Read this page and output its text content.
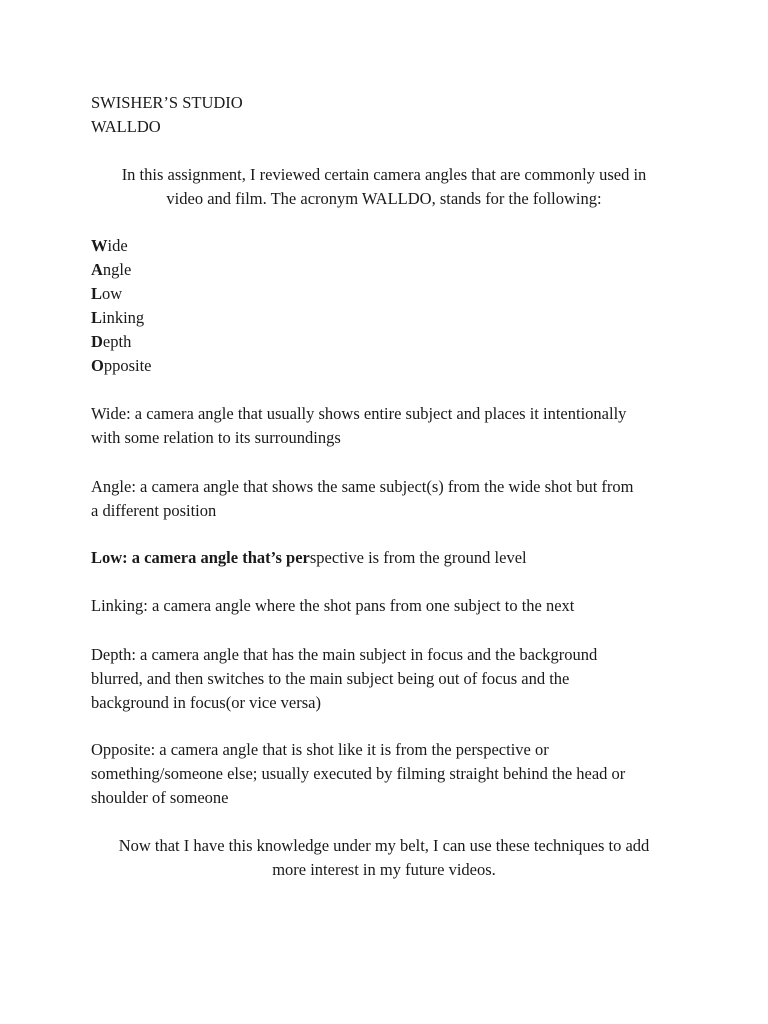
SWISHER’S STUDIO
WALLDO
In this assignment, I reviewed certain camera angles that are commonly used in
video and film. The acronym WALLDO, stands for the following:
Wide
Angle
Low
Linking
Depth
Opposite
Wide: a camera angle that usually shows entire subject and places it intentionally
with some relation to its surroundings
Angle: a camera angle that shows the same subject(s) from the wide shot but from
a different position
Low: a camera angle that’s perspective is from the ground level
Linking: a camera angle where the shot pans from one subject to the next
Depth: a camera angle that has the main subject in focus and the background
blurred, and then switches to the main subject being out of focus and the
background in focus(or vice versa)
Opposite: a camera angle that is shot like it is from the perspective or
something/someone else; usually executed by filming straight behind the head or
shoulder of someone
Now that I have this knowledge under my belt, I can use these techniques to add
more interest in my future videos.
